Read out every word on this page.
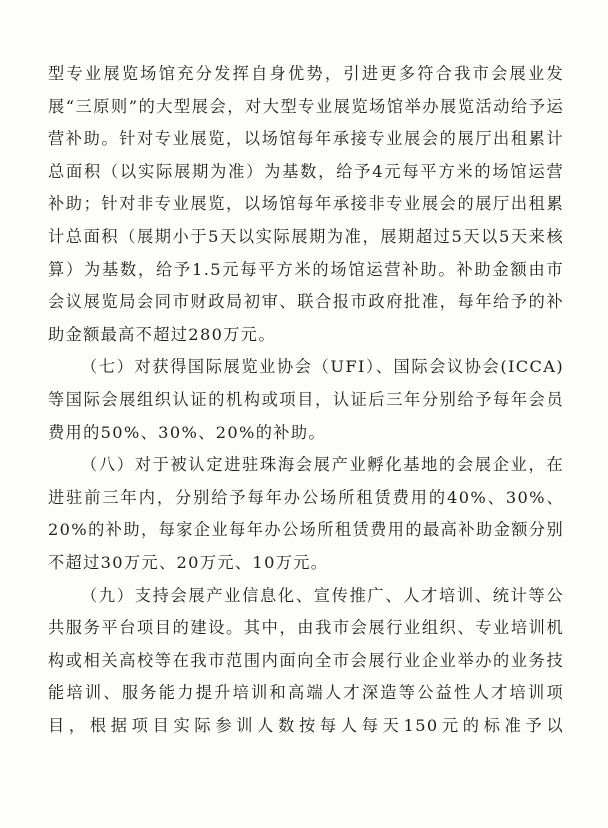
型专业展览场馆充分发挥自身优势，引进更多符合我市会展业发展“三原则”的大型展会，对大型专业展览场馆举办展览活动给予运营补助。针对专业展览，以场馆每年承接专业展会的展厅出租累计总面积（以实际展期为准）为基数，给予4元每平方米的场馆运营补助；针对非专业展览，以场馆每年承接非专业展会的展厅出租累计总面积（展期小于5天以实际展期为准，展期超过5天以5天来核算）为基数，给予1.5元每平方米的场馆运营补助。补助金额由市会议展览局会同市财政局初审、联合报市政府批准，每年给予的补助金额最高不超过280万元。

（七）对获得国际展览业协会（UFI）、国际会议协会(ICCA)等国际会展组织认证的机构或项目，认证后三年分别给予每年会员费用的50%、30%、20%的补助。

（八）对于被认定进驻珠海会展产业孵化基地的会展企业，在进驻前三年内，分别给予每年办公场所租赁费用的40%、30%、20%的补助，每家企业每年办公场所租赁费用的最高补助金额分别不超过30万元、20万元、10万元。

（九）支持会展产业信息化、宣传推广、人才培训、统计等公共服务平台项目的建设。其中，由我市会展行业组织、专业培训机构或相关高校等在我市范围内面向全市会展行业企业举办的业务技能培训、服务能力提升培训和高端人才深造等公益性人才培训项目，根据项目实际参训人数按每人每天150元的标准予以
